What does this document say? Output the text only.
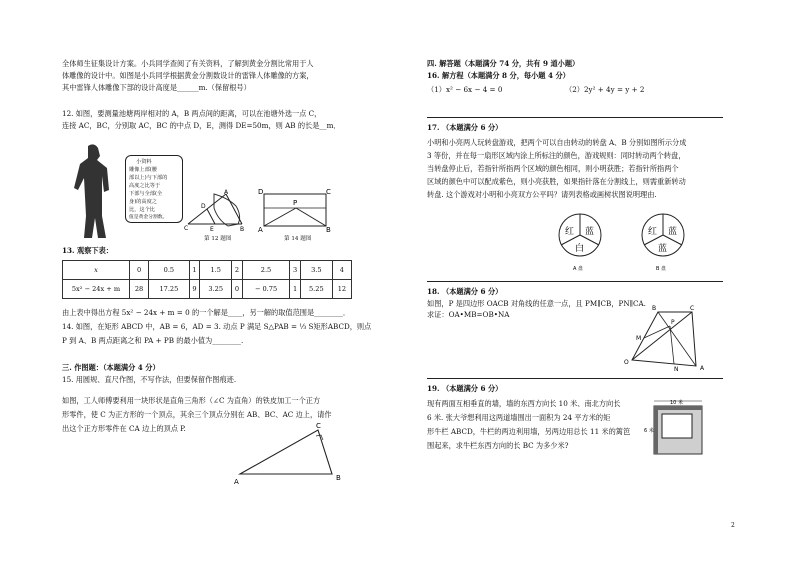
全体师生征集设计方案。小兵同学查阅了有关资料，了解到黄金分割比常用于人
体雕像的设计中。如图是小兵同学根据黄金分割数设计的雷锋人体雕像的方案，
其中雷锋人体雕像下部的设计高度是______m.（保留根号）
12. 如图，要测量池塘两岸相对的 A，B 两点间的距离，可以在池塘外选一点 C，
连接 AC，BC，分别取 AC，BC 的中点 D，E，测得 DE=50m，则 AB 的长是__m．
小资料
雕像上部(腰
部以上)与下部的
高度之比等于
下部与全部(全
身)的高度之
比，这个比
值是黄金分割数。
A
C	B
E
D
第 12 题图
D	C
P
A	B
第 14 题图
13. 观察下表：
x	0	0.5	1	1.5	2	2.5	3	3.5	4
5x² − 24x + m	28	17.25	9	3.25	0	− 0.75	1	5.25	12
由上表中得出方程 5x² − 24x + m = 0 的一个解是____，另一解的取值范围是________．
14. 如图，在矩形 ABCD 中，AB = 6，AD = 3. 动点 P 满足 S△PAB = ⅓ S矩形ABCD，则点
P 到 A、B 两点距离之和 PA + PB 的最小值为________.
三. 作图题：（本题满分 4 分）
15. 用圆规、直尺作图，不写作法，但要保留作图痕迹.
如图，工人师傅要利用一块形状是直角三角形（∠C 为直角）的铁皮加工一个正方
形零件，使 C 为正方形的一个顶点，其余三个顶点分别在 AB、BC、AC 边上，请作
出这个正方形零件在 CA 边上的顶点 P.
A	B
C
四. 解答题（本题满分 74 分，共有 9 道小题）
16. 解方程（本题满分 8 分，每小题 4 分）
（1）x² − 6x − 4 = 0	（2）2y² + 4y = y + 2
17. （本题满分 6 分）
小明和小亮两人玩转盘游戏，把两个可以自由转动的转盘 A、B 分别如图所示分成
3 等份，并在每一扇形区域内涂上所标注的颜色，游戏规则：同时转动两个转盘，
当转盘停止后，若指针所指两个区域的颜色相同，则小明获胜；若指针所指两个
区域的颜色中可以配成紫色，则小亮获胜，如果指针落在分割线上，则需重新转动
转盘. 这个游戏对小明和小亮双方公平吗？请列表格或画树状图说明理由.
红 蓝
白
A 盘
红 蓝
蓝
B 盘
18. （本题满分 6 分）
如图，P 是四边形 OACB 对角线的任意一点，且 PM∥CB，PN∥CA.
求证：OA•MB=OB•NA
O
B	C
A
M
N
P
19. （本题满分 6 分）
现有两面互相垂直的墙，墙的东西方向长 10 米、南北方向长
6 米. 张大爷想利用这两道墙围出一面积为 24 平方米的矩
形牛栏 ABCD，牛栏的两边利用墙，另两边用总长 11 米的篱笆
围起来，求牛栏东西方向的长 BC 为多少米?
10 米
6 米
2
